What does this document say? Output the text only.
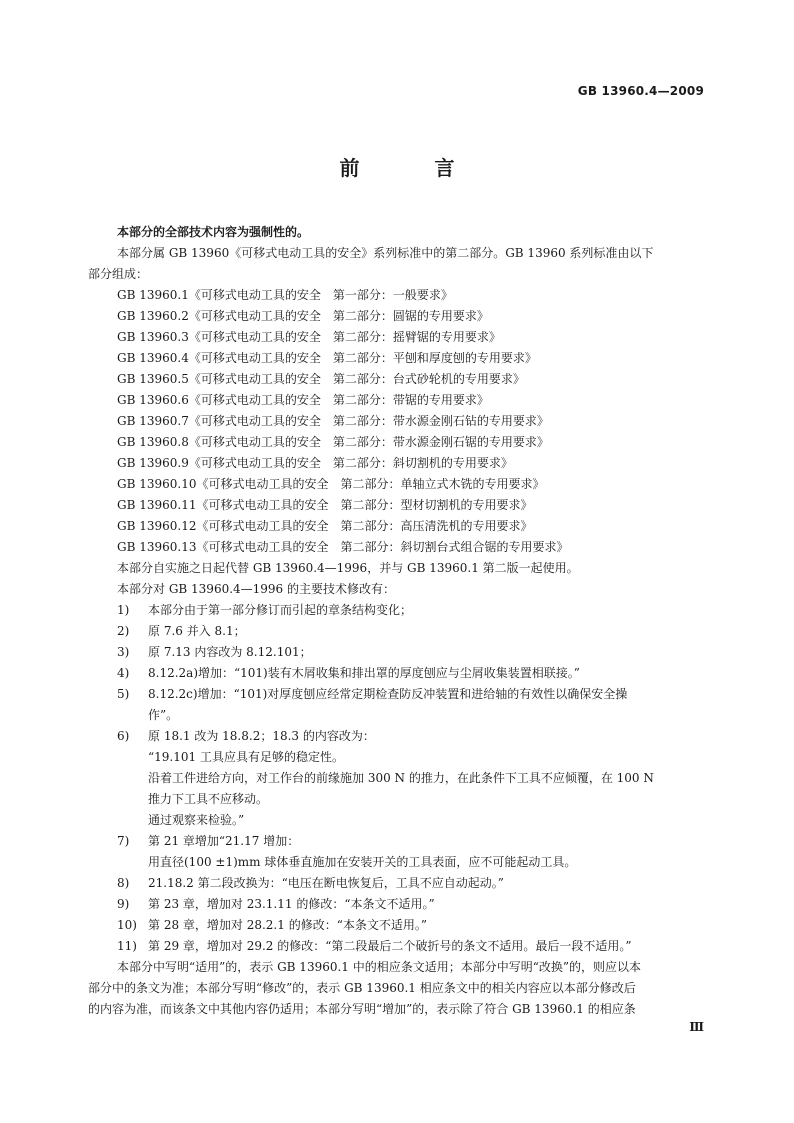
GB 13960.4—2009
前 言
本部分的全部技术内容为强制性的。
本部分属 GB 13960《可移式电动工具的安全》系列标准中的第二部分。GB 13960 系列标准由以下
部分组成：
GB 13960.1《可移式电动工具的安全　第一部分：一般要求》
GB 13960.2《可移式电动工具的安全　第二部分：圆锯的专用要求》
GB 13960.3《可移式电动工具的安全　第二部分：摇臂锯的专用要求》
GB 13960.4《可移式电动工具的安全　第二部分：平刨和厚度刨的专用要求》
GB 13960.5《可移式电动工具的安全　第二部分：台式砂轮机的专用要求》
GB 13960.6《可移式电动工具的安全　第二部分：带锯的专用要求》
GB 13960.7《可移式电动工具的安全　第二部分：带水源金刚石钻的专用要求》
GB 13960.8《可移式电动工具的安全　第二部分：带水源金刚石锯的专用要求》
GB 13960.9《可移式电动工具的安全　第二部分：斜切割机的专用要求》
GB 13960.10《可移式电动工具的安全　第二部分：单轴立式木铣的专用要求》
GB 13960.11《可移式电动工具的安全　第二部分：型材切割机的专用要求》
GB 13960.12《可移式电动工具的安全　第二部分：高压清洗机的专用要求》
GB 13960.13《可移式电动工具的安全　第二部分：斜切割台式组合锯的专用要求》
本部分自实施之日起代替 GB 13960.4—1996，并与 GB 13960.1 第二版一起使用。
本部分对 GB 13960.4—1996 的主要技术修改有：
1)	本部分由于第一部分修订而引起的章条结构变化；
2)	原 7.6 并入 8.1；
3)	原 7.13 内容改为 8.12.101；
4)	8.12.2a)增加：“101)装有木屑收集和排出罩的厚度刨应与尘屑收集装置相联接。”
5)	8.12.2c)增加：“101)对厚度刨应经常定期检查防反冲装置和进给轴的有效性以确保安全操
作”。
6)	原 18.1 改为 18.8.2；18.3 的内容改为：
“19.101 工具应具有足够的稳定性。
沿着工件进给方向，对工作台的前缘施加 300 N 的推力，在此条件下工具不应倾覆，在 100 N
推力下工具不应移动。
通过观察来检验。”
7)	第 21 章增加“21.17 增加：
用直径(100 ±1)mm 球体垂直施加在安装开关的工具表面，应不可能起动工具。
8)	21.18.2 第二段改换为：“电压在断电恢复后，工具不应自动起动。”
9)	第 23 章，增加对 23.1.11 的修改：“本条文不适用。”
10) 第 28 章，增加对 28.2.1 的修改：“本条文不适用。”
11) 第 29 章，增加对 29.2 的修改：“第二段最后二个破折号的条文不适用。最后一段不适用。”
本部分中写明“适用”的，表示 GB 13960.1 中的相应条文适用；本部分中写明“改换”的，则应以本
部分中的条文为准；本部分写明“修改”的，表示 GB 13960.1 相应条文中的相关内容应以本部分修改后
的内容为准，而该条文中其他内容仍适用；本部分写明“增加”的，表示除了符合 GB 13960.1 的相应条
Ⅲ
